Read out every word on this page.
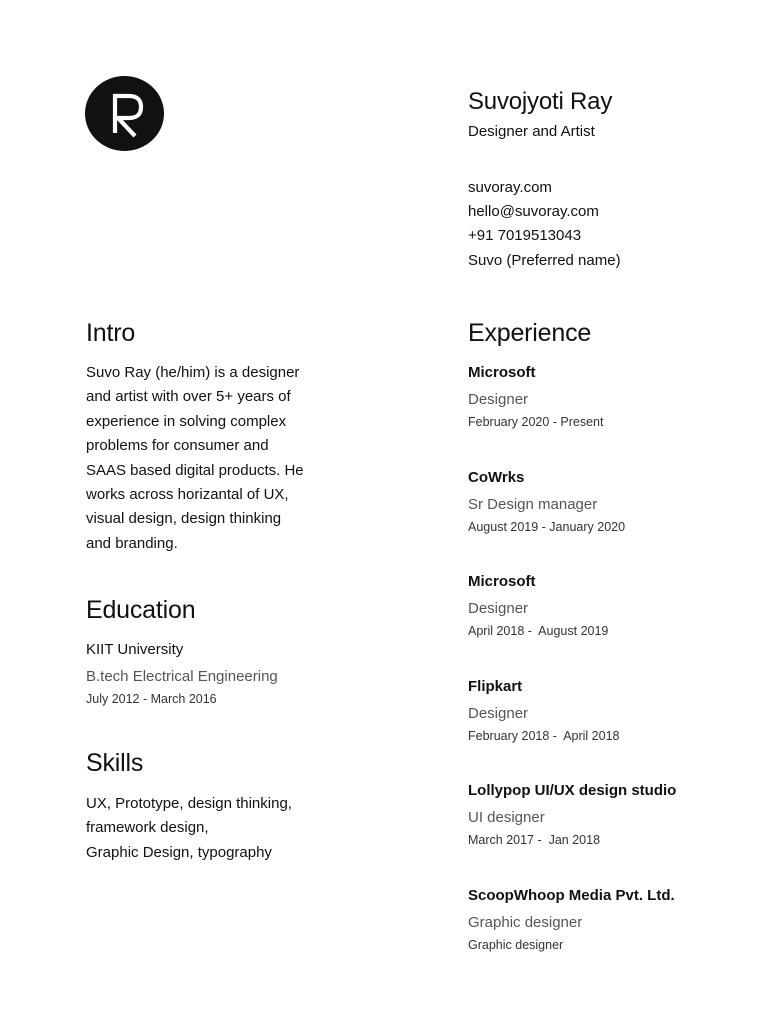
Suvojyoti Ray
Designer and Artist
suvoray.com
hello@suvoray.com
+91 7019513043
Suvo (Preferred name)
Experience
Microsoft
Designer
February 2020 - Present
CoWrks
Sr Design manager
August 2019 - January 2020
Microsoft
Designer
April 2018 -  August 2019
Flipkart
Designer
February 2018 -  April 2018
Lollypop UI/UX design studio
UI designer
March 2017 -  Jan 2018
ScoopWhoop Media Pvt. Ltd.
Graphic designer
Graphic designer
Intro
Suvo Ray (he/him) is a designer
and artist with over 5+ years of
experience in solving complex
problems for consumer and
SAAS based digital products. He
works across horizantal of UX,
visual design, design thinking
and branding.
Education
KIIT University
B.tech Electrical Engineering
July 2012 - March 2016
Skills
UX, Prototype, design thinking,
framework design,
Graphic Design, typography
